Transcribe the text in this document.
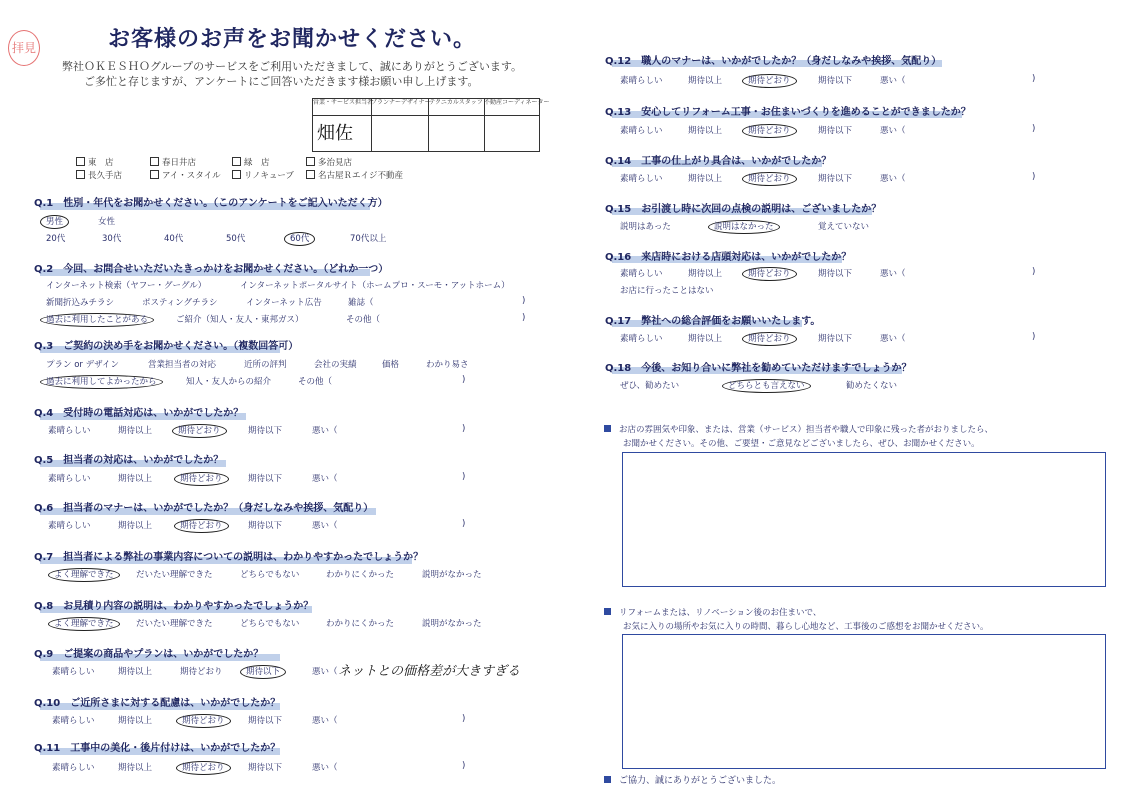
拝見	お客様のお声をお聞かせください。
弊社ＯＫＥＳＨＯグループのサービスをご利用いただきまして、誠にありがとうございます。
ご多忙と存じますが、アンケートにご回答いただきます様お願い申し上げます。
営業・サービス担当者
畑佐
プランナーデザイナー
テクニカルスタッフ 不動産コーディネーター
東　店	春日井店	緑　店	多治見店
長久手店	アイ・スタイル	リノキューブ	名古屋Ｒエイジ不動産
Q.1　 性別・年代をお聞かせください。（このアンケートをご記入いただく方）
男性	女性
20代	30代	40代	50代	60代	70代以上
Q.2　 今回、お問合せいただいたきっかけをお聞かせください。（どれか一つ）
インターネット検索（ヤフー・グーグル）	インターネットポータルサイト（ホームプロ・スーモ・アットホーム）
新聞折込みチラシ	ポスティングチラシ	インターネット広告	雑誌（	)
過去に利用したことがある	ご紹介（知人・友人・東邦ガス）	その他（	)
Q.3　 ご契約の決め手をお聞かせください。（複数回答可）
プラン or デザイン	営業担当者の対応	近所の評判	会社の実績	価格	わかり易さ
過去に利用してよかったから	知人・友人からの紹介	その他（	)
Q.4　 受付時の電話対応は、いかがでしたか？
素晴らしい	期待以上	期待どおり	期待以下	悪い（	)
Q.5　 担当者の対応は、いかがでしたか？
素晴らしい	期待以上	期待どおり	期待以下	悪い（	)
Q.6　 担当者のマナーは、いかがでしたか？（身だしなみや挨拶、気配り）
素晴らしい	期待以上	期待どおり	期待以下	悪い（	)
Q.7　 担当者による弊社の事業内容についての説明は、わかりやすかったでしょうか？
よく理解できた	だいたい理解できた	どちらでもない	わかりにくかった	説明がなかった
Q.8　 お見積り内容の説明は、わかりやすかったでしょうか？
よく理解できた	だいたい理解できた	どちらでもない	わかりにくかった	説明がなかった
Q.9　 ご提案の商品やプランは、いかがでしたか？
素晴らしい	期待以上	期待どおり	期待以下	悪い（ ネットとの価格差が大きすぎる
Q.10　 ご近所さまに対する配慮は、いかがでしたか？
素晴らしい	期待以上	期待どおり	期待以下	悪い（	)
Q.11　 工事中の美化・後片付けは、いかがでしたか？
素晴らしい	期待以上	期待どおり	期待以下	悪い（	)
Q.12　 職人のマナーは、いかがでしたか？（身だしなみや挨拶、気配り）
素晴らしい	期待以上	期待どおり	期待以下	悪い（	)
Q.13　 安心してリフォーム工事・お住まいづくりを進めることができましたか？
素晴らしい	期待以上	期待どおり	期待以下	悪い（	)
Q.14　 工事の仕上がり具合は、いかがでしたか？
素晴らしい	期待以上	期待どおり	期待以下	悪い（	)
Q.15　 お引渡し時に次回の点検の説明は、ございましたか？
説明はあった	説明はなかった	覚えていない
Q.16　 来店時における店頭対応は、いかがでしたか？
素晴らしい	期待以上	期待どおり	期待以下	悪い（	)
お店に行ったことはない
Q.17　 弊社への総合評価をお願いいたします。
素晴らしい	期待以上	期待どおり	期待以下	悪い（	)
Q.18　 今後、お知り合いに弊社を勧めていただけますでしょうか？
ぜひ、勧めたい	どちらとも言えない	勧めたくない
お店の雰囲気や印象、または、営業（サービス）担当者や職人で印象に残った者がおりましたら、
お聞かせください。その他、ご要望・ご意見などございましたら、ぜひ、お聞かせください。
リフォームまたは、リノベーション後のお住まいで、
お気に入りの場所やお気に入りの時間、暮らし心地など、工事後のご感想をお聞かせください。
ご協力、誠にありがとうございました。
